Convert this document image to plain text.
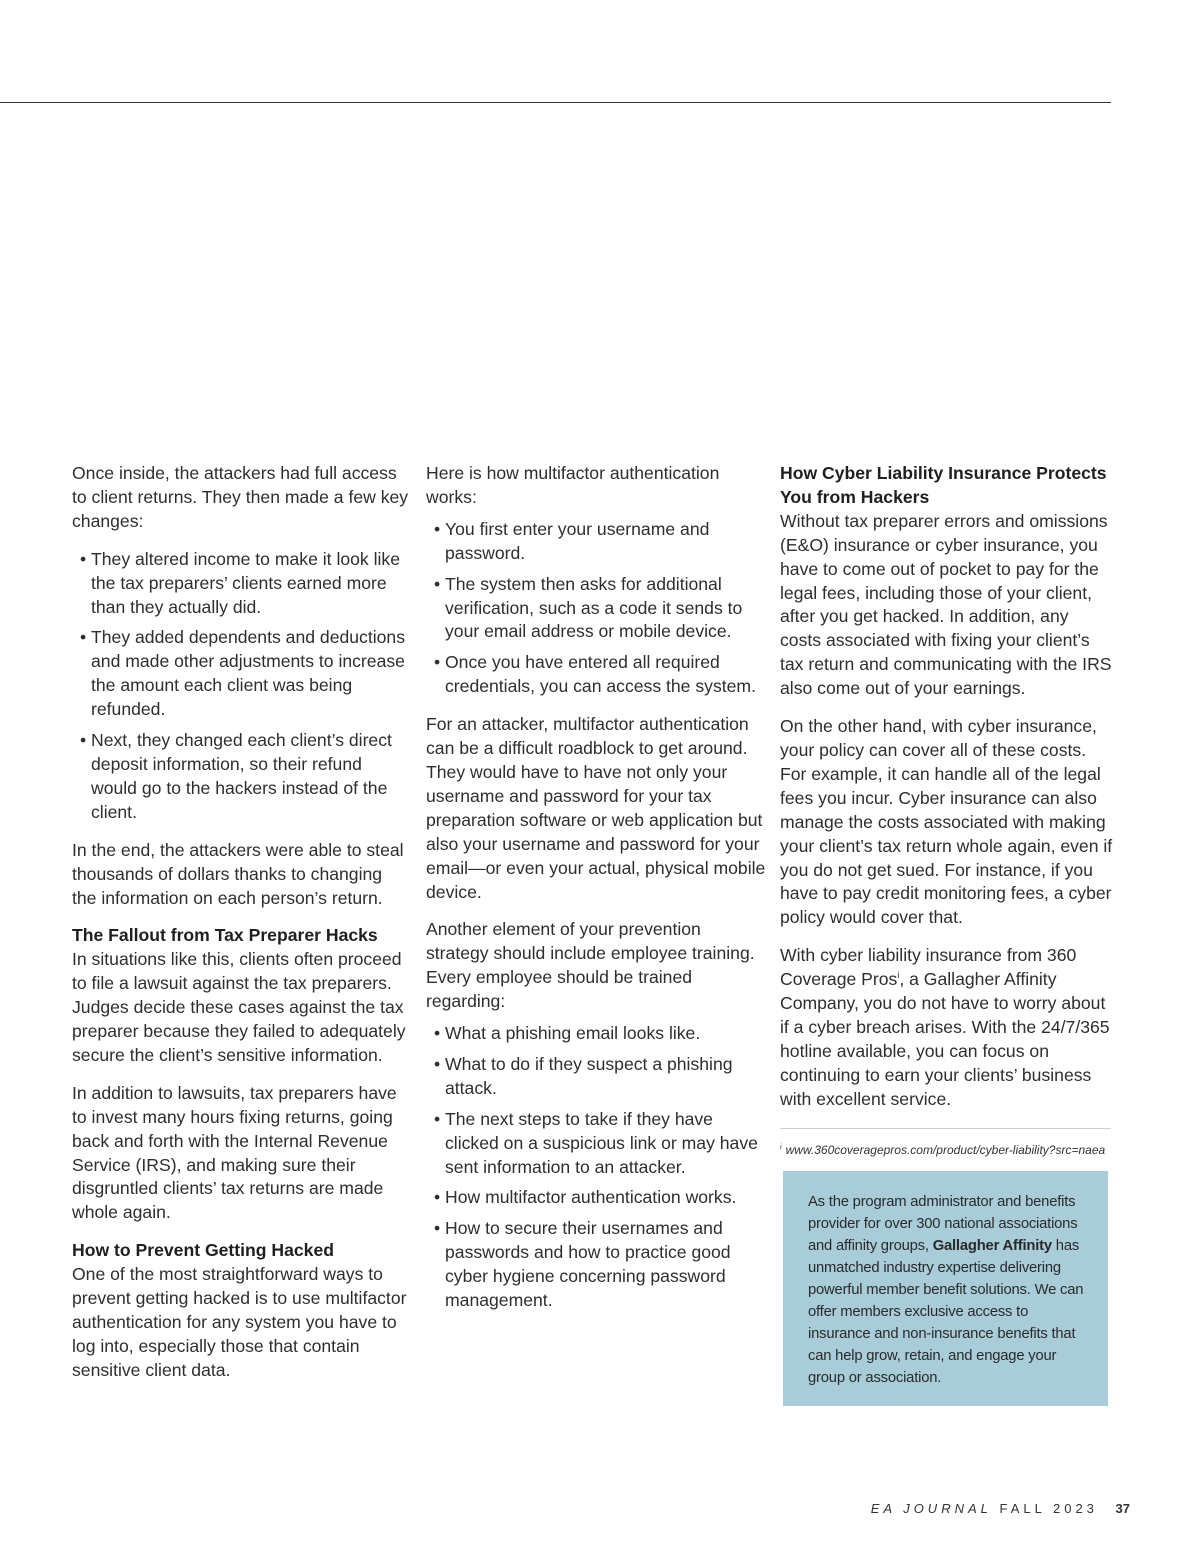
Once inside, the attackers had full access to client returns. They then made a few key changes:

• They altered income to make it look like the tax preparers’ clients earned more than they actually did.
• They added dependents and deductions and made other adjustments to increase the amount each client was being refunded.
• Next, they changed each client’s direct deposit information, so their refund would go to the hackers instead of the client.

In the end, the attackers were able to steal thousands of dollars thanks to changing the information on each person’s return.

The Fallout from Tax Preparer Hacks

In situations like this, clients often proceed to file a lawsuit against the tax preparers. Judges decide these cases against the tax preparer because they failed to adequately secure the client’s sensitive information.

In addition to lawsuits, tax preparers have to invest many hours fixing returns, going back and forth with the Internal Revenue Service (IRS), and making sure their disgruntled clients’ tax returns are made whole again.

How to Prevent Getting Hacked

One of the most straightforward ways to prevent getting hacked is to use multifactor authentication for any system you have to log into, especially those that contain sensitive client data.

Here is how multifactor authentication works:

• You first enter your username and password.
• The system then asks for additional verification, such as a code it sends to your email address or mobile device.
• Once you have entered all required credentials, you can access the system.

For an attacker, multifactor authentication can be a difficult roadblock to get around. They would have to have not only your username and password for your tax preparation software or web application but also your username and password for your email—or even your actual, physical mobile device.

Another element of your prevention strategy should include employee training. Every employee should be trained regarding:

• What a phishing email looks like.
• What to do if they suspect a phishing attack.
• The next steps to take if they have clicked on a suspicious link or may have sent information to an attacker.
• How multifactor authentication works.
• How to secure their usernames and passwords and how to practice good cyber hygiene concerning password management.
How Cyber Liability Insurance Protects You from Hackers

Without tax preparer errors and omissions (E&O) insurance or cyber insurance, you have to come out of pocket to pay for the legal fees, including those of your client, after you get hacked. In addition, any costs associated with fixing your client’s tax return and communicating with the IRS also come out of your earnings.

On the other hand, with cyber insurance, your policy can cover all of these costs. For example, it can handle all of the legal fees you incur. Cyber insurance can also manage the costs associated with making your client’s tax return whole again, even if you do not get sued. For instance, if you have to pay credit monitoring fees, a cyber policy would cover that.

With cyber liability insurance from 360 Coverage Pros$^i$, a Gallagher Affinity Company, you do not have to worry about if a cyber breach arises. With the 24/7/365 hotline available, you can focus on continuing to earn your clients’ business with excellent service.

$^i$ www.360coveragepros.com/product/cyber-liability?src=naea
As the program administrator and benefits provider for over 300 national associations and affinity groups, Gallagher Affinity has unmatched industry expertise delivering powerful member benefit solutions. We can offer members exclusive access to insurance and non-insurance benefits that can help grow, retain, and engage your group or association.
EA JOURNAL FALL 2023 37
